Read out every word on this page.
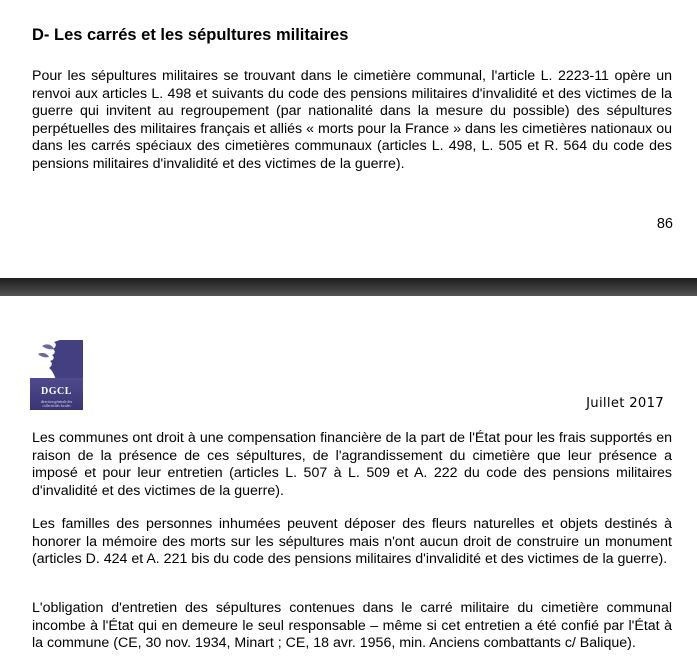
D- Les carrés et les sépultures militaires

Pour les sépultures militaires se trouvant dans le cimetière communal, l'article L. 2223-11 opère un renvoi aux articles L. 498 et suivants du code des pensions militaires d'invalidité et des victimes de la guerre qui invitent au regroupement (par nationalité dans la mesure du possible) des sépultures perpétuelles des militaires français et alliés « morts pour la France » dans les cimetières nationaux ou dans les carrés spéciaux des cimetières communaux (articles L. 498, L. 505 et R. 564 du code des pensions militaires d'invalidité et des victimes de la guerre).

86
DGCL
direction générale des collectivités locales	Juillet 2017

Les communes ont droit à une compensation financière de la part de l'État pour les frais supportés en raison de la présence de ces sépultures, de l'agrandissement du cimetière que leur présence a imposé et pour leur entretien (articles L. 507 à L. 509 et A. 222 du code des pensions militaires d'invalidité et des victimes de la guerre).

Les familles des personnes inhumées peuvent déposer des fleurs naturelles et objets destinés à honorer la mémoire des morts sur les sépultures mais n'ont aucun droit de construire un monument (articles D. 424 et A. 221 bis du code des pensions militaires d'invalidité et des victimes de la guerre).

L'obligation d'entretien des sépultures contenues dans le carré militaire du cimetière communal incombe à l'État qui en demeure le seul responsable – même si cet entretien a été confié par l'État à la commune (CE, 30 nov. 1934, Minart ; CE, 18 avr. 1956, min. Anciens combattants c/ Balique).
